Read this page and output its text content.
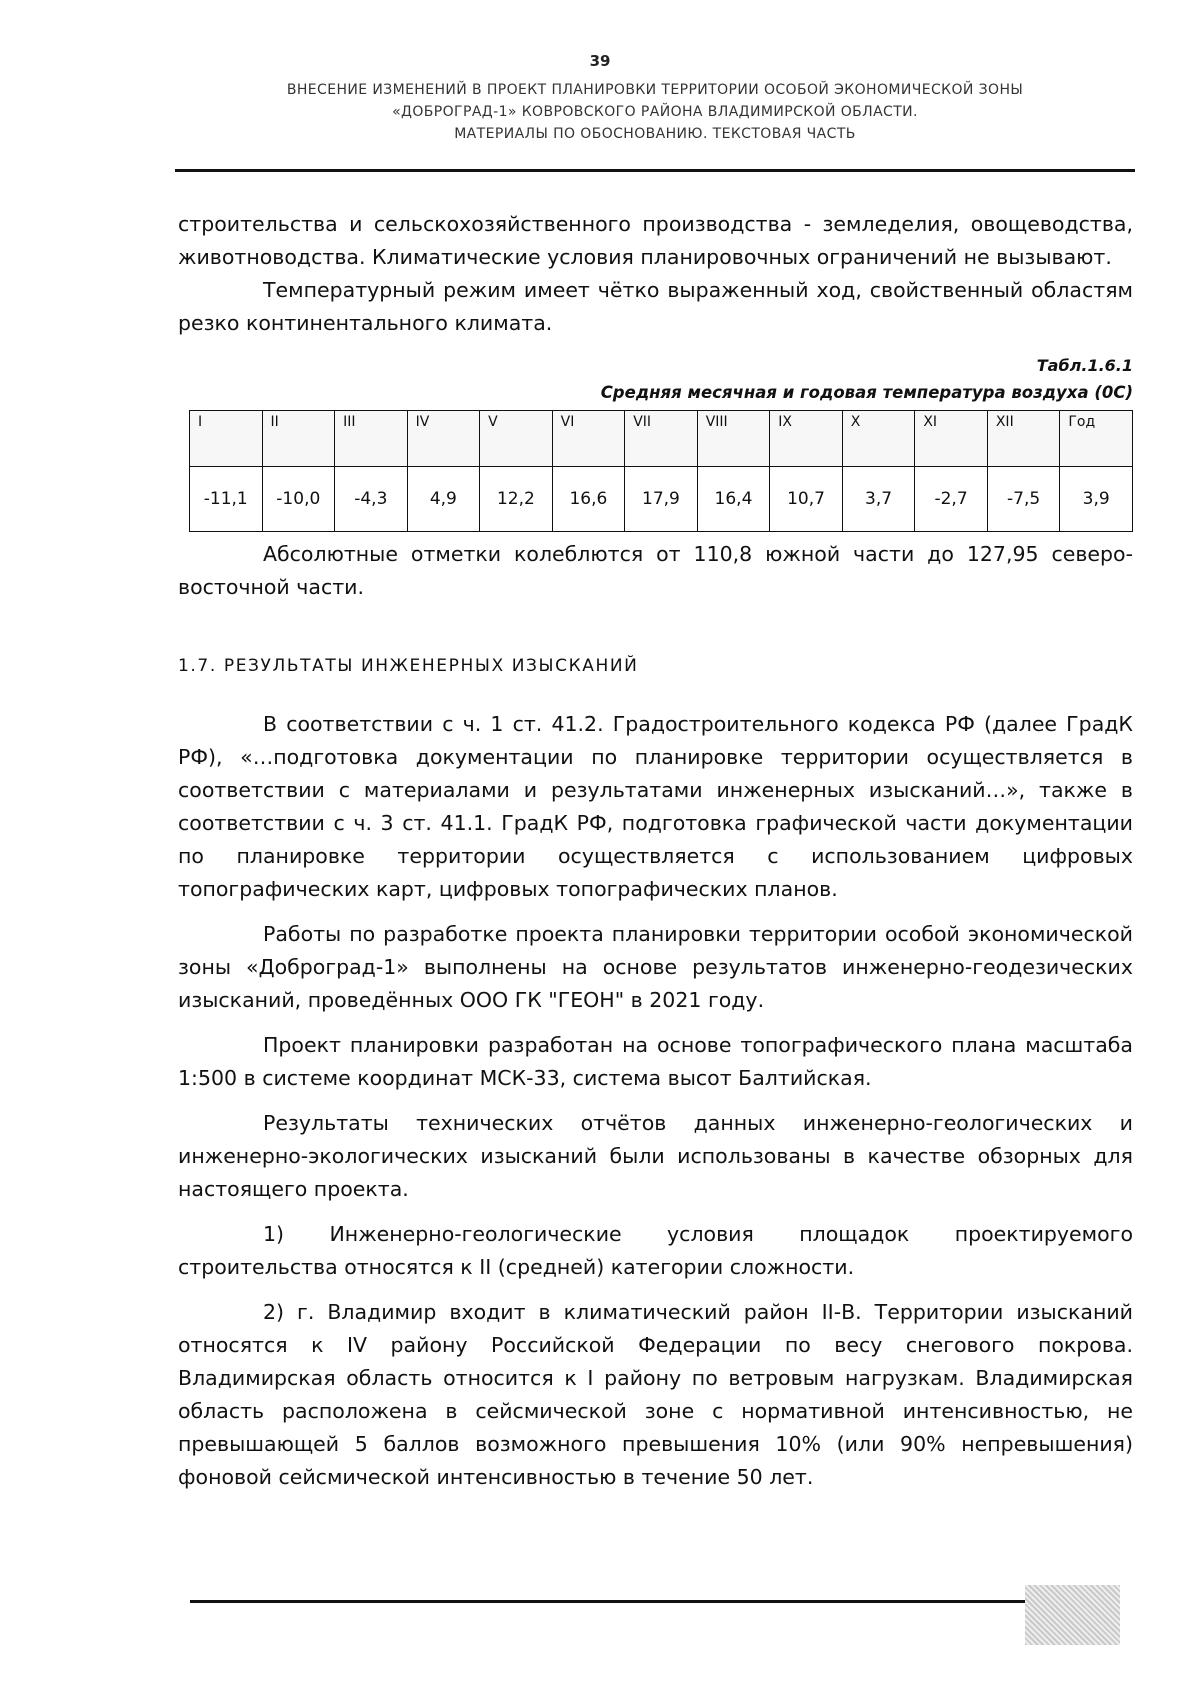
39
ВНЕСЕНИЕ ИЗМЕНЕНИЙ В ПРОЕКТ ПЛАНИРОВКИ ТЕРРИТОРИИ ОСОБОЙ ЭКОНОМИЧЕСКОЙ ЗОНЫ
«ДОБРОГРАД-1» КОВРОВСКОГО РАЙОНА ВЛАДИМИРСКОЙ ОБЛАСТИ.
МАТЕРИАЛЫ ПО ОБОСНОВАНИЮ. ТЕКСТОВАЯ ЧАСТЬ

строительства и сельскохозяйственного производства - земледелия, овощеводства, животноводства. Климатические условия планировочных ограничений не вызывают.

Температурный режим имеет чётко выраженный ход, свойственный областям резко континентального климата.

Табл.1.6.1
Средняя месячная и годовая температура воздуха (0С)
I	II	III	IV	V	VI	VII	VIII	IX	X	XI	XII	Год
-11,1	-10,0	-4,3	4,9	12,2	16,6	17,9	16,4	10,7	3,7	-2,7	-7,5	3,9

Абсолютные отметки колеблются от 110,8 южной части до 127,95 северо-восточной части.

1.7. РЕЗУЛЬТАТЫ ИНЖЕНЕРНЫХ ИЗЫСКАНИЙ

В соответствии с ч. 1 ст. 41.2. Градостроительного кодекса РФ (далее ГрадК РФ), «…подготовка документации по планировке территории осуществляется в соответствии с материалами и результатами инженерных изысканий…», также в соответствии с ч. 3 ст. 41.1. ГрадК РФ, подготовка графической части документации по планировке территории осуществляется с использованием цифровых топографических карт, цифровых топографических планов.

Работы по разработке проекта планировки территории особой экономической зоны «Доброград-1» выполнены на основе результатов инженерно-геодезических изысканий, проведённых ООО ГК "ГЕОН" в 2021 году.

Проект планировки разработан на основе топографического плана масштаба 1:500 в системе координат МСК-33, система высот Балтийская.

Результаты технических отчётов данных инженерно-геологических и инженерно-экологических изысканий были использованы в качестве обзорных для настоящего проекта.

1) Инженерно-геологические условия площадок проектируемого строительства относятся к II (средней) категории сложности.

2) г. Владимир входит в климатический район II-В. Территории изысканий относятся к IV району Российской Федерации по весу снегового покрова. Владимирская область относится к I району по ветровым нагрузкам. Владимирская область расположена в сейсмической зоне с нормативной интенсивностью, не превышающей 5 баллов возможного превышения 10% (или 90% непревышения) фоновой сейсмической интенсивностью в течение 50 лет.
